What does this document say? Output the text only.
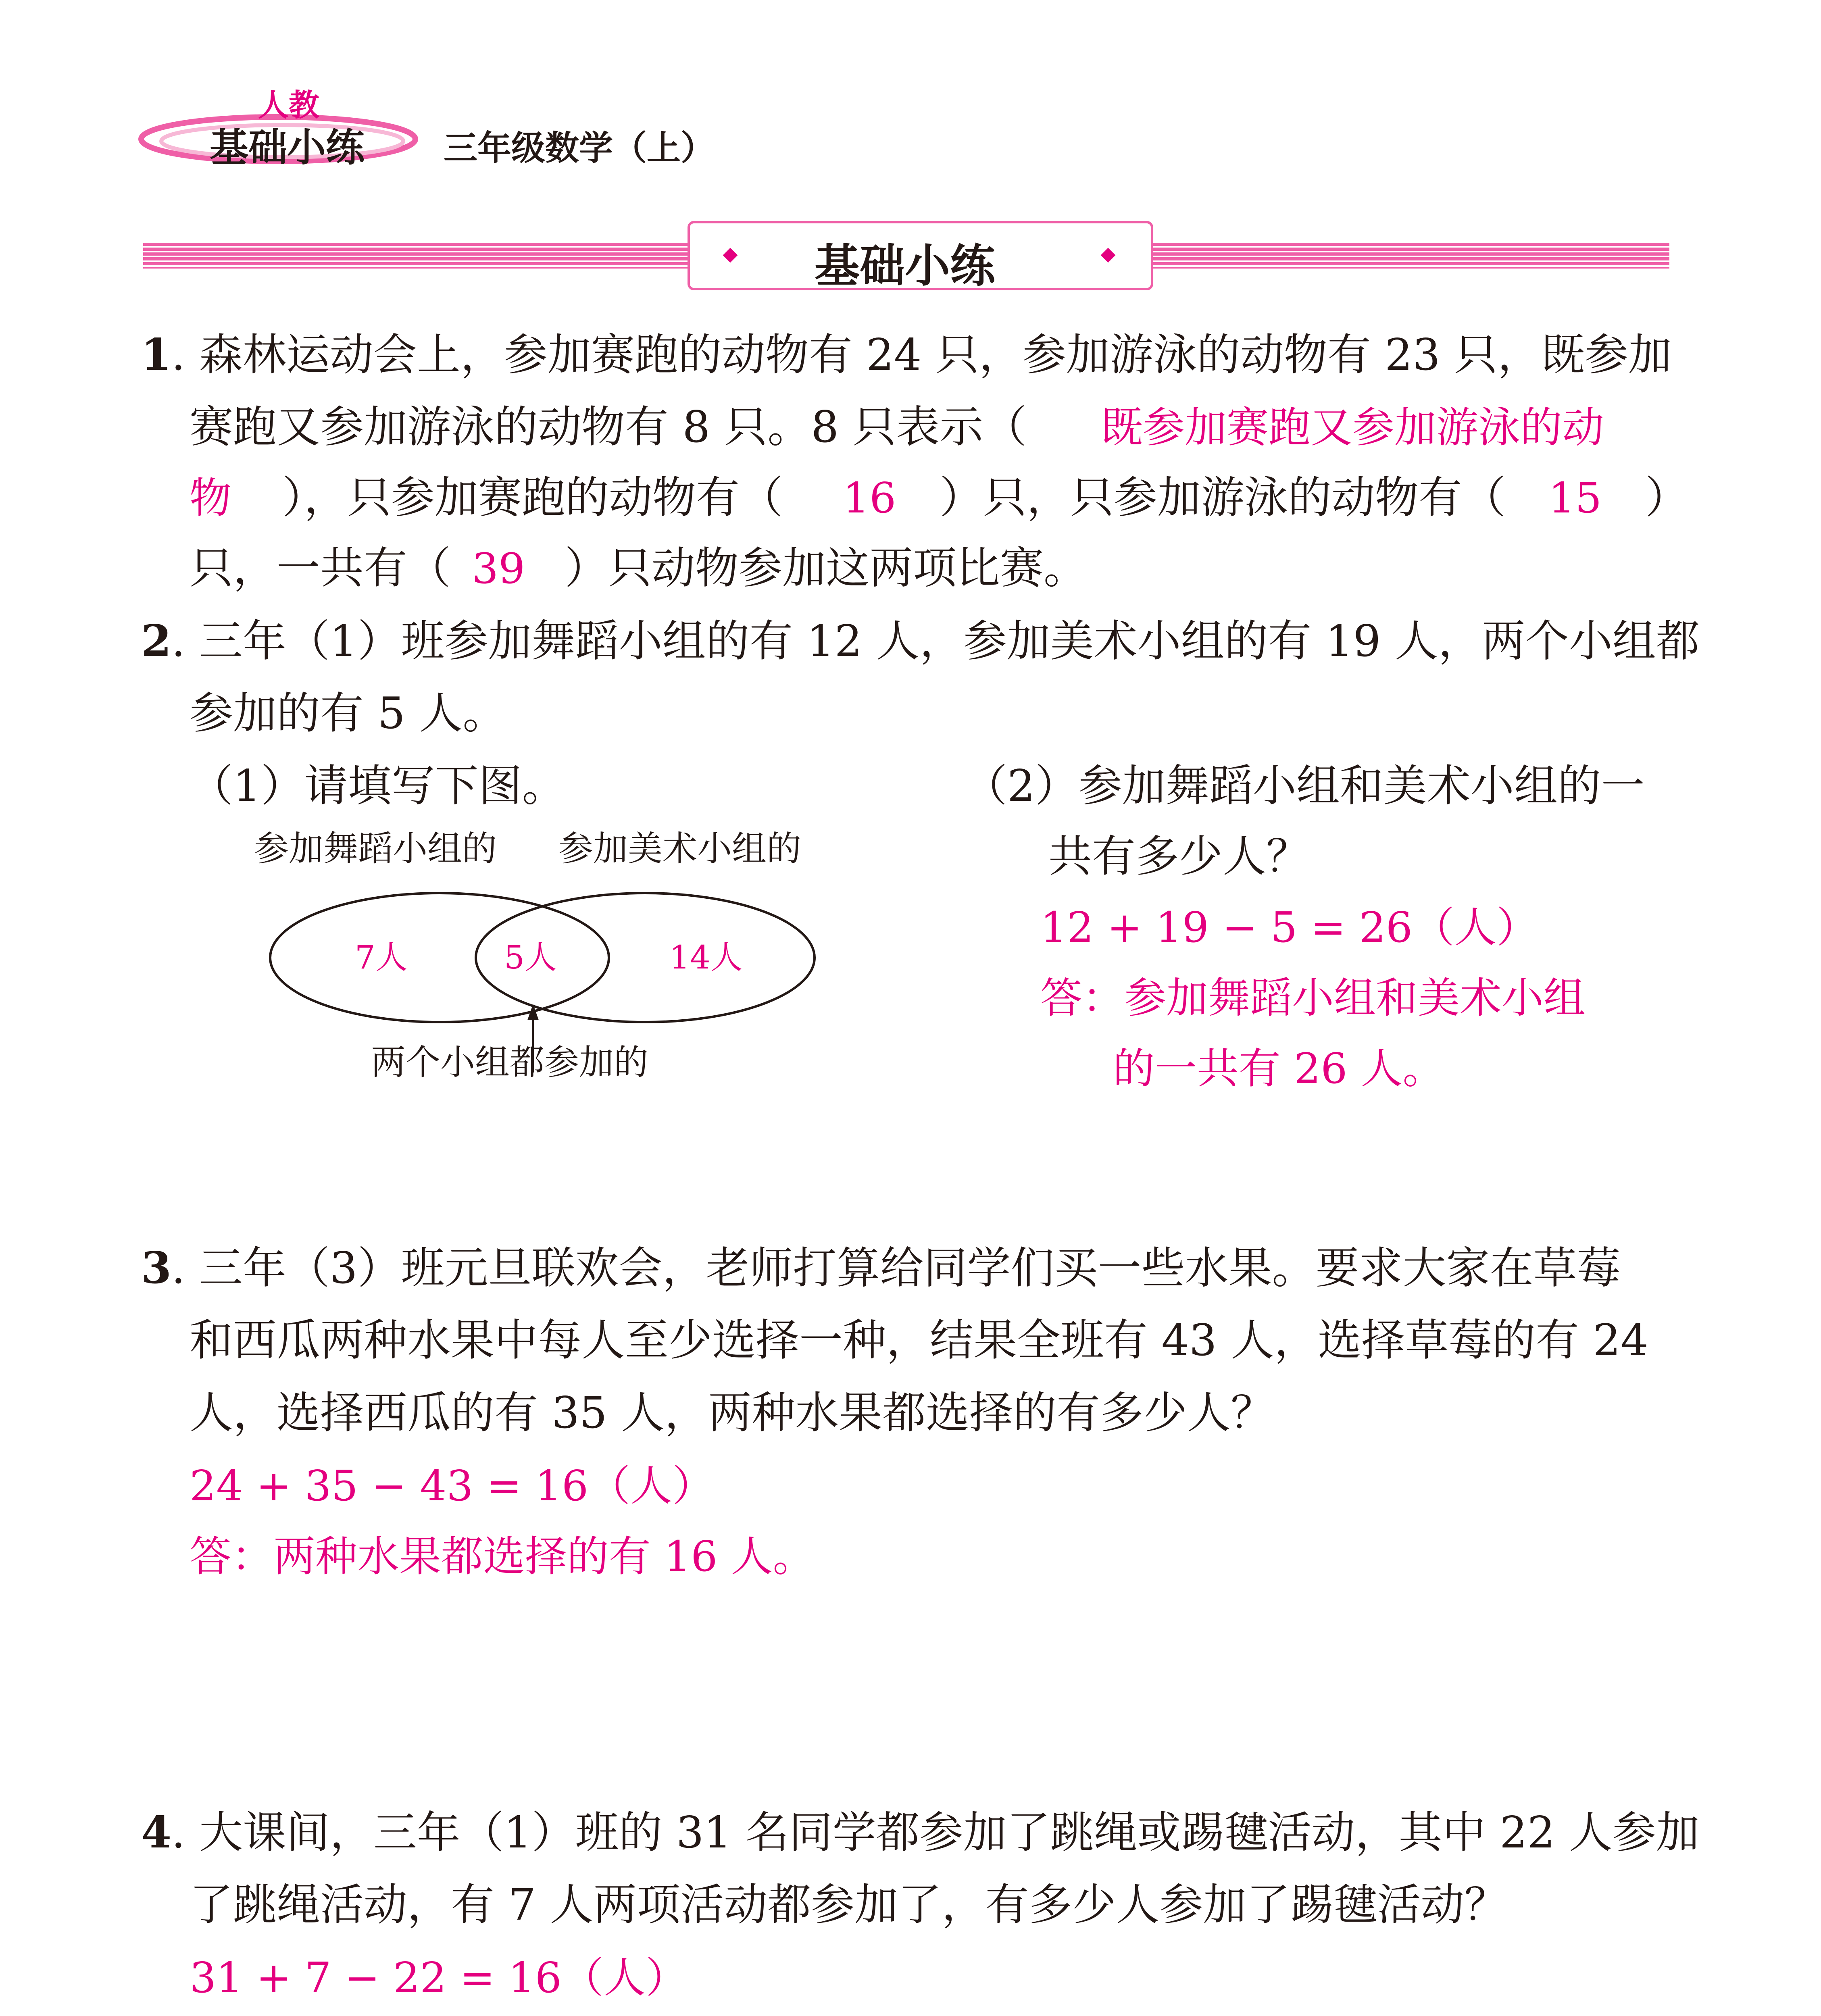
人教
基础小练 三年级数学（上）
基础小练
1. 森林运动会上，参加赛跑的动物有 24 只，参加游泳的动物有 23 只，既参加
赛跑又参加游泳的动物有 8 只。8 只表示（ 既参加赛跑又参加游泳的动
物 ），只参加赛跑的动物有（ 16 ）只，只参加游泳的动物有（ 15 ）
只，一共有（ 39 ）只动物参加这两项比赛。
2. 三年（1）班参加舞蹈小组的有 12 人，参加美术小组的有 19 人，两个小组都
参加的有 5 人。
（1）请填写下图。
参加舞蹈小组的 参加美术小组的
7人	5人	14人
两个小组都参加的
（2）参加舞蹈小组和美术小组的一
共有多少人？
12 + 19 − 5 = 26（人）
答：参加舞蹈小组和美术小组
的一共有 26 人。
3. 三年（3）班元旦联欢会，老师打算给同学们买一些水果。要求大家在草莓
和西瓜两种水果中每人至少选择一种，结果全班有 43 人，选择草莓的有 24
人，选择西瓜的有 35 人，两种水果都选择的有多少人？
24 + 35 − 43 = 16（人）
答：两种水果都选择的有 16 人。
4. 大课间，三年（1）班的 31 名同学都参加了跳绳或踢毽活动，其中 22 人参加
了跳绳活动，有 7 人两项活动都参加了，有多少人参加了踢毽活动？
31 + 7 − 22 = 16（人）
